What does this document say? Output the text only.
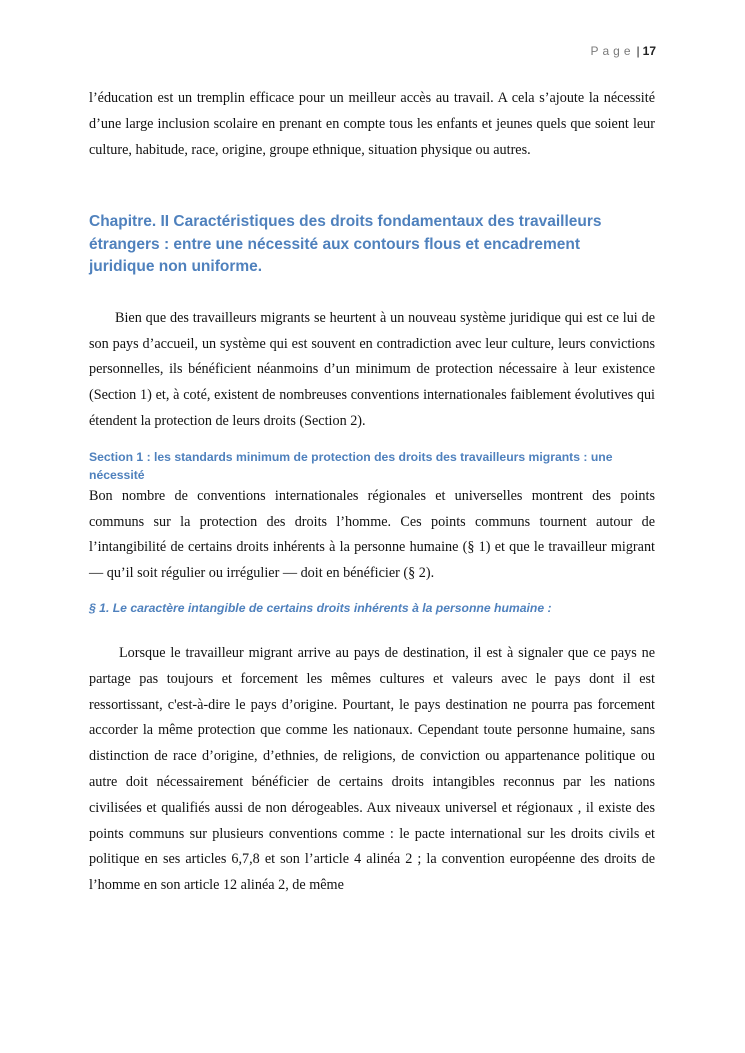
Page | 17

l’éducation est un tremplin efficace pour un meilleur accès au travail. A cela s’ajoute la nécessité d’une large inclusion scolaire en prenant en compte tous les enfants et jeunes quels que soient leur culture, habitude, race, origine, groupe ethnique, situation physique ou autres.

Chapitre. II Caractéristiques des droits fondamentaux des travailleurs étrangers : entre une nécessité aux contours flous et encadrement juridique non uniforme.

Bien que des travailleurs migrants se heurtent à un nouveau système juridique qui est ce lui de son pays d’accueil, un système qui est souvent en contradiction avec leur culture, leurs convictions personnelles, ils bénéficient néanmoins d’un minimum de protection nécessaire à leur existence (Section 1) et, à coté, existent de nombreuses conventions internationales faiblement évolutives qui étendent la protection de leurs droits (Section 2).

Section 1 : les standards minimum de protection des droits des travailleurs migrants : une nécessité

Bon nombre de conventions internationales régionales et universelles montrent des points communs sur la protection des droits l’homme. Ces points communs tournent autour de l’intangibilité de certains droits inhérents à la personne humaine (§ 1) et que le travailleur migrant — qu’il soit régulier ou irrégulier — doit en bénéficier (§ 2).

§ 1. Le caractère intangible de certains droits inhérents à la personne humaine :

Lorsque le travailleur migrant arrive au pays de destination, il est à signaler que ce pays ne partage pas toujours et forcement les mêmes cultures et valeurs avec le pays dont il est ressortissant, c'est-à-dire le pays d’origine. Pourtant, le pays destination ne pourra pas forcement accorder la même protection que comme les nationaux. Cependant toute personne humaine, sans distinction de race d’origine, d’ethnies, de religions, de conviction ou appartenance politique ou autre doit nécessairement bénéficier de certains droits intangibles reconnus par les nations civilisées et qualifiés aussi de non dérogeables. Aux niveaux universel et régionaux , il existe des points communs sur plusieurs conventions comme : le pacte international sur les droits civils et politique en ses articles 6,7,8 et son l’article 4 alinéa 2 ; la convention européenne des droits de l’homme en son article 12 alinéa 2, de même
